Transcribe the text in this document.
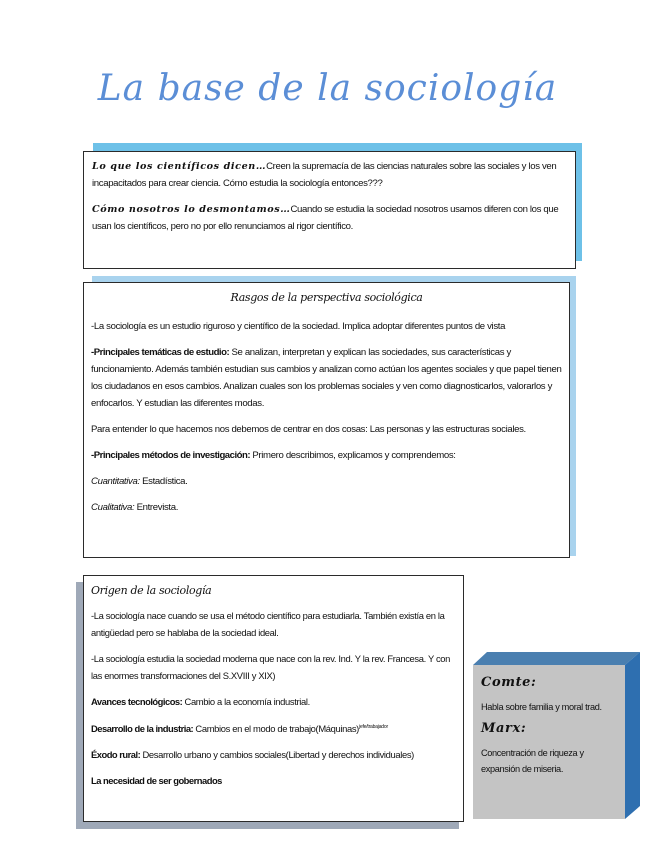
La base de la sociología

Lo que los científicos dicen…Creen la supremacía de las ciencias naturales sobre las sociales y los ven incapacitados para crear ciencia. Cómo estudia la sociología entonces???

Cómo nosotros lo desmontamos…Cuando se estudia la sociedad nosotros usamos diferen con los que usan los científicos, pero no por ello renunciamos al rigor científico.

Rasgos de la perspectiva sociológica

-La sociología es un estudio riguroso y científico de la sociedad. Implica adoptar diferentes puntos de vista

-Principales temáticas de estudio: Se analizan, interpretan y explican las sociedades, sus características y funcionamiento. Además también estudian sus cambios y analizan como actúan los agentes sociales y que papel tienen los ciudadanos en esos cambios. Analizan cuales son los problemas sociales y ven como diagnosticarlos, valorarlos y enfocarlos. Y estudian las diferentes modas.

Para entender lo que hacemos nos debemos de centrar en dos cosas: Las personas y las estructuras sociales.

-Principales métodos de investigación: Primero describimos, explicamos y comprendemos:

Cuantitativa: Estadística.

Cualitativa: Entrevista.

Origen de la sociología

-La sociología nace cuando se usa el método científico para estudiarla. También existía en la antigüedad pero se hablaba de la sociedad ideal.

-La sociología estudia la sociedad moderna que nace con la rev. Ind. Y la rev. Francesa. Y con las enormes transformaciones del S.XVIII y XIX)

Avances tecnológicos: Cambio a la economía industrial.

Desarrollo de la industria: Cambios en el modo de trabajo(Máquinas)$^{jefe/trabajador}$

Éxodo rural: Desarrollo urbano y cambios sociales(Libertad y derechos individuales)

La necesidad de ser gobernados

Comte:

Habla sobre familia y moral trad.

Marx:

Concentración de riqueza y expansión de miseria.
